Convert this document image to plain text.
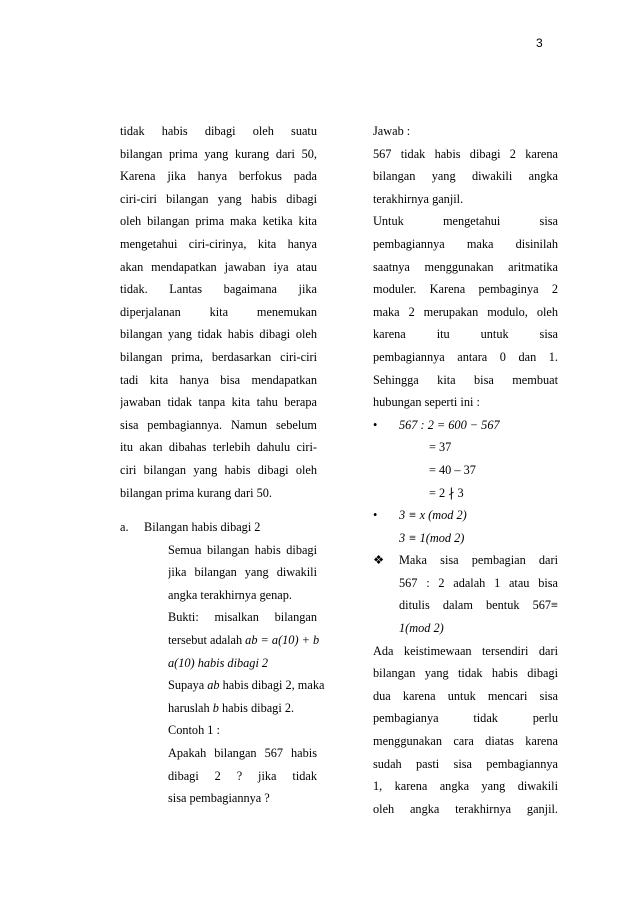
3
tidak habis dibagi oleh suatu
bilangan prima yang kurang dari 50,
Karena jika hanya berfokus pada
ciri-ciri bilangan yang habis dibagi
oleh bilangan prima maka ketika kita
mengetahui ciri-cirinya, kita hanya
akan mendapatkan jawaban iya atau
tidak. Lantas bagaimana jika
diperjalanan kita menemukan
bilangan yang tidak habis dibagi oleh
bilangan prima, berdasarkan ciri-ciri
tadi kita hanya bisa mendapatkan
jawaban tidak tanpa kita tahu berapa
sisa pembagiannya. Namun sebelum
itu akan dibahas terlebih dahulu ciri-
ciri bilangan yang habis dibagi oleh
bilangan prima kurang dari 50.
a. Bilangan habis dibagi 2
Semua bilangan habis dibagi
jika bilangan yang diwakili
angka terakhirnya genap.
Bukti: misalkan bilangan
tersebut adalah ab = a(10) + b
a(10) habis dibagi 2
Supaya ab habis dibagi 2, maka
haruslah b habis dibagi 2.
Contoh 1 :
Apakah bilangan 567 habis
dibagi 2 ? jika tidak
sisa pembagiannya ?
Jawab :
567 tidak habis dibagi 2 karena
bilangan yang diwakili angka
terakhirnya ganjil.
Untuk mengetahui sisa
pembagiannya maka disinilah
saatnya menggunakan aritmatika
moduler. Karena pembaginya 2
maka 2 merupakan modulo, oleh
karena itu untuk sisa
pembagiannya antara 0 dan 1.
Sehingga kita bisa membuat
hubungan seperti ini :
• 567 : 2 = 600 − 567
= 37
= 40 – 37
= 2 ∤ 3
• 3 ≡ x (mod 2)
3 ≡ 1(mod 2)
❖ Maka sisa pembagian dari
567 : 2 adalah 1 atau bisa
ditulis dalam bentuk 567≡
1(mod 2)
Ada keistimewaan tersendiri dari
bilangan yang tidak habis dibagi
dua karena untuk mencari sisa
pembagianya tidak perlu
menggunakan cara diatas karena
sudah pasti sisa pembagiannya
1, karena angka yang diwakili
oleh angka terakhirnya ganjil.
